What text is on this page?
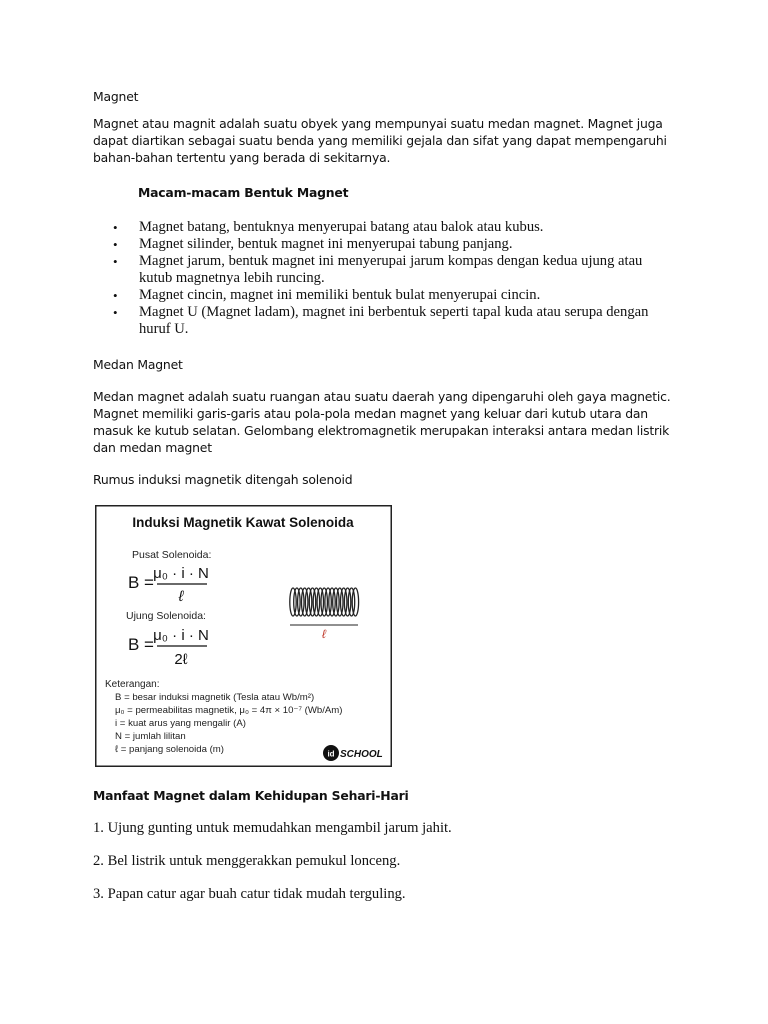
Magnet
Magnet atau magnit adalah suatu obyek yang mempunyai suatu medan magnet. Magnet juga dapat diartikan sebagai suatu benda yang memiliki gejala dan sifat yang dapat mempengaruhi bahan-bahan tertentu yang berada di sekitarnya.
Macam-macam Bentuk Magnet
• Magnet batang, bentuknya menyerupai batang atau balok atau kubus.
• Magnet silinder, bentuk magnet ini menyerupai tabung panjang.
• Magnet jarum, bentuk magnet ini menyerupai jarum kompas dengan kedua ujung atau kutub magnetnya lebih runcing.
• Magnet cincin, magnet ini memiliki bentuk bulat menyerupai cincin.
• Magnet U (Magnet ladam), magnet ini berbentuk seperti tapal kuda atau serupa dengan huruf U.
Medan Magnet
Medan magnet adalah suatu ruangan atau suatu daerah yang dipengaruhi oleh gaya magnetic. Magnet memiliki garis-garis atau pola-pola medan magnet yang keluar dari kutub utara dan masuk ke kutub selatan. Gelombang elektromagnetik merupakan interaksi antara medan listrik dan medan magnet
Rumus induksi magnetik ditengah solenoid
Induksi Magnetik Kawat Solenoida
Pusat Solenoida:
B = μ₀ · i · N
ℓ
Ujung Solenoida:
B = μ₀ · i · N
2ℓ
ℓ
Keterangan:
B = besar induksi magnetik (Tesla atau Wb/m²)
μ₀ = permeabilitas magnetik, μ₀ = 4π × 10⁻⁷ (Wb/Am)
i = kuat arus yang mengalir (A)
N = jumlah lilitan
ℓ = panjang solenoida (m)	id SCHOOL
Manfaat Magnet dalam Kehidupan Sehari-Hari
1. Ujung gunting untuk memudahkan mengambil jarum jahit.
2. Bel listrik untuk menggerakkan pemukul lonceng.
3. Papan catur agar buah catur tidak mudah terguling.
